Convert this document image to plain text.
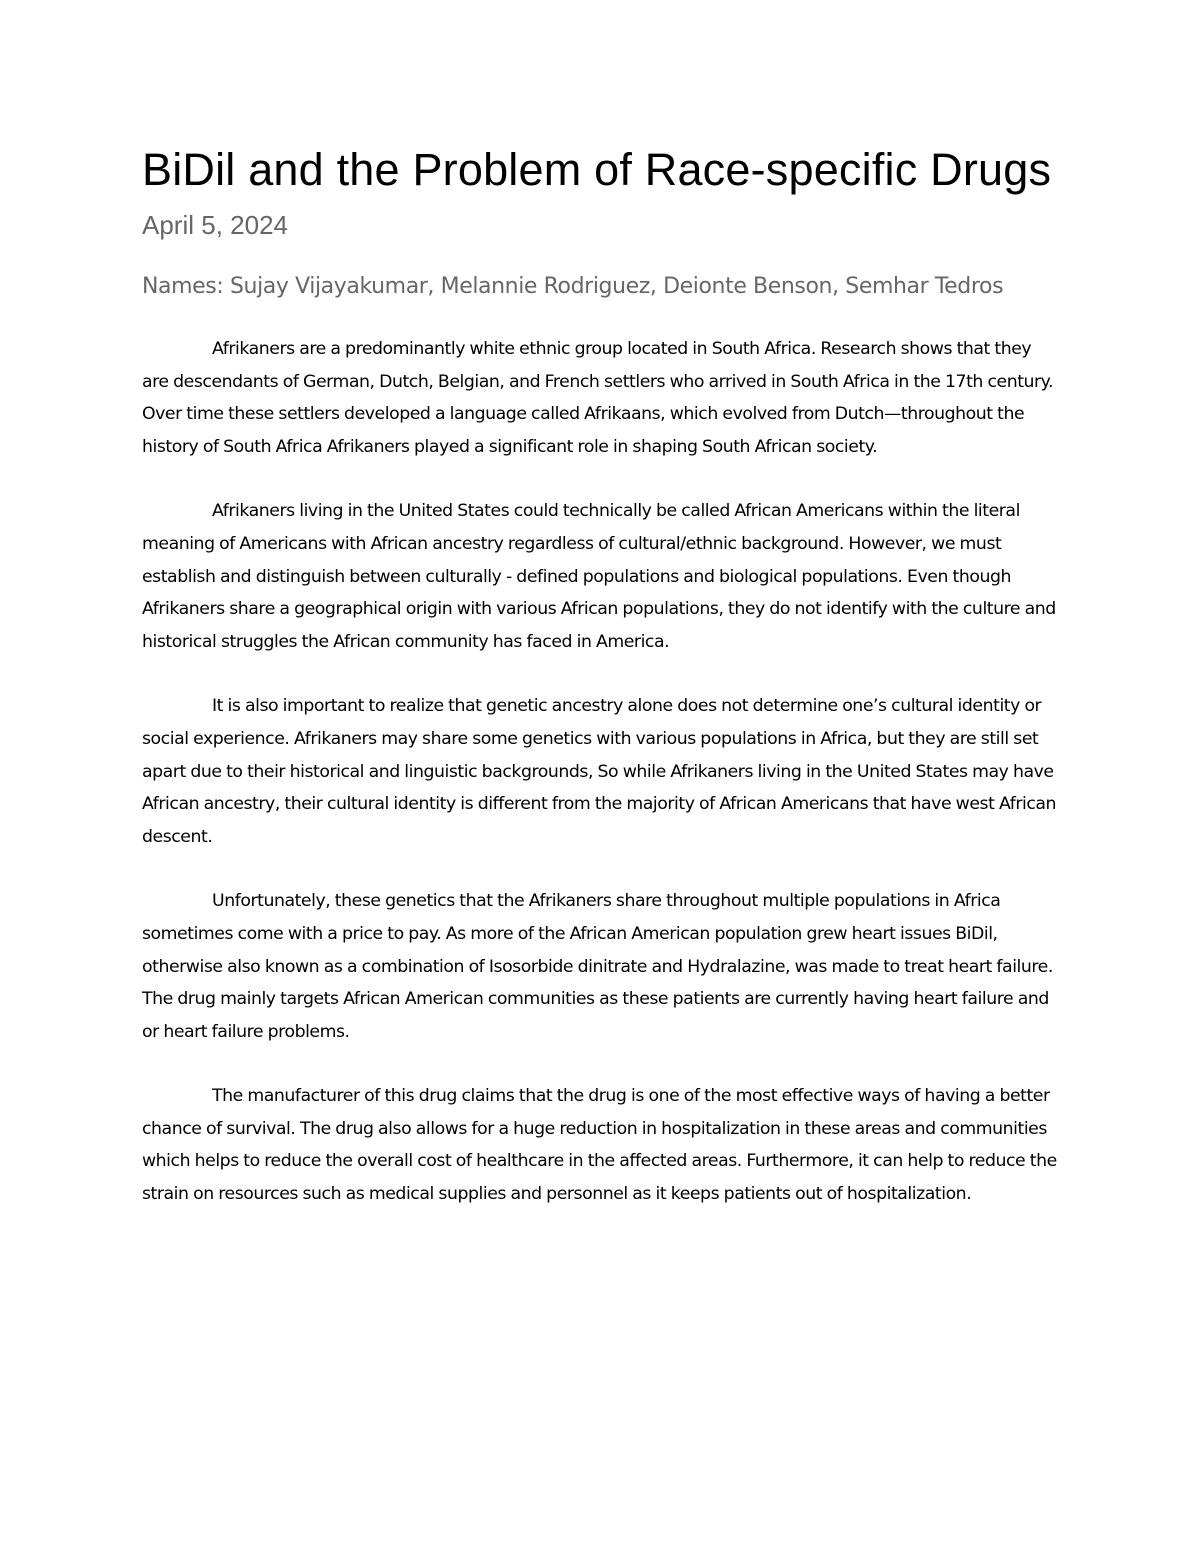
BiDil and the Problem of Race-specific Drugs
April 5, 2024
Names: Sujay Vijayakumar, Melannie Rodriguez, Deionte Benson, Semhar Tedros

Afrikaners are a predominantly white ethnic group located in South Africa. Research shows that they are descendants of German, Dutch, Belgian, and French settlers who arrived in South Africa in the 17th century. Over time these settlers developed a language called Afrikaans, which evolved from Dutch—throughout the history of South Africa Afrikaners played a significant role in shaping South African society.

Afrikaners living in the United States could technically be called African Americans within the literal meaning of Americans with African ancestry regardless of cultural/ethnic background. However, we must establish and distinguish between culturally - defined populations and biological populations. Even though Afrikaners share a geographical origin with various African populations, they do not identify with the culture and historical struggles the African community has faced in America.

It is also important to realize that genetic ancestry alone does not determine one’s cultural identity or social experience. Afrikaners may share some genetics with various populations in Africa, but they are still set apart due to their historical and linguistic backgrounds, So while Afrikaners living in the United States may have African ancestry, their cultural identity is different from the majority of African Americans that have west African descent.

Unfortunately, these genetics that the Afrikaners share throughout multiple populations in Africa sometimes come with a price to pay. As more of the African American population grew heart issues BiDil, otherwise also known as a combination of Isosorbide dinitrate and Hydralazine, was made to treat heart failure. The drug mainly targets African American communities as these patients are currently having heart failure and or heart failure problems.

The manufacturer of this drug claims that the drug is one of the most effective ways of having a better chance of survival. The drug also allows for a huge reduction in hospitalization in these areas and communities which helps to reduce the overall cost of healthcare in the affected areas. Furthermore, it can help to reduce the strain on resources such as medical supplies and personnel as it keeps patients out of hospitalization.
